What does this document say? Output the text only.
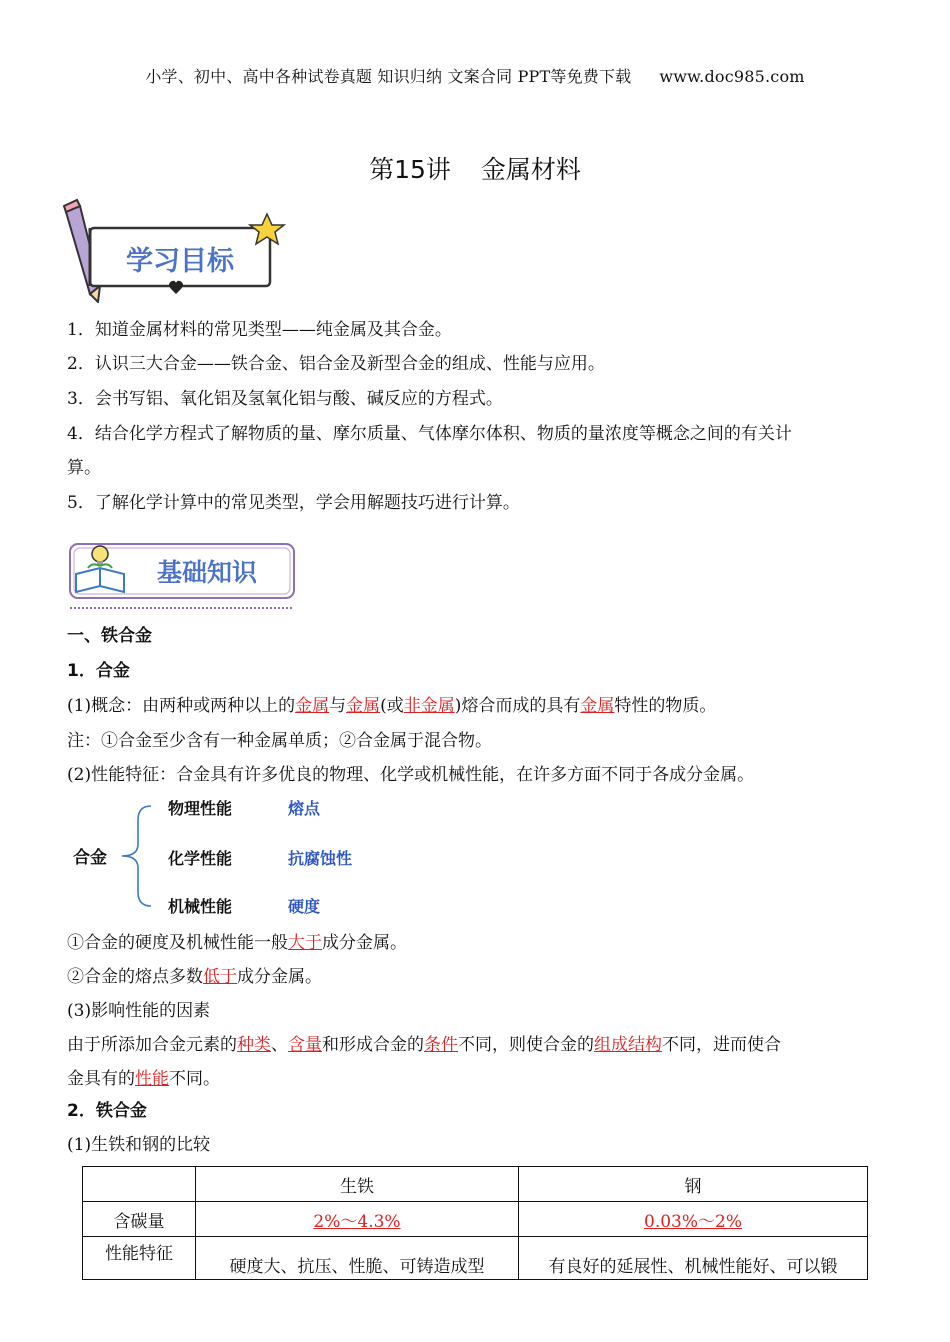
小学、初中、高中各种试卷真题 知识归纳 文案合同 PPT等免费下载 www.doc985.com
第15讲 金属材料
学习目标
1．知道金属材料的常见类型——纯金属及其合金。
2．认识三大合金——铁合金、铝合金及新型合金的组成、性能与应用。
3．会书写铝、氧化铝及氢氧化铝与酸、碱反应的方程式。
4．结合化学方程式了解物质的量、摩尔质量、气体摩尔体积、物质的量浓度等概念之间的有关计
算。
5．了解化学计算中的常见类型，学会用解题技巧进行计算。
基础知识
一、铁合金
1．合金
(1)概念：由两种或两种以上的金属与金属(或非金属)熔合而成的具有金属特性的物质。
注：①合金至少含有一种金属单质；②合金属于混合物。
(2)性能特征：合金具有许多优良的物理、化学或机械性能，在许多方面不同于各成分金属。
合金
物理性能	熔点
化学性能	抗腐蚀性
机械性能	硬度
①合金的硬度及机械性能一般大于成分金属。
②合金的熔点多数低于成分金属。
(3)影响性能的因素
由于所添加合金元素的种类、含量和形成合金的条件不同，则使合金的组成结构不同，进而使合
金具有的性能不同。
2．铁合金
(1)生铁和钢的比较
	生铁	钢
含碳量	2%～4.3%	0.03%～2%
性能特征	硬度大、抗压、性脆、可铸造成型	有良好的延展性、机械性能好、可以锻
